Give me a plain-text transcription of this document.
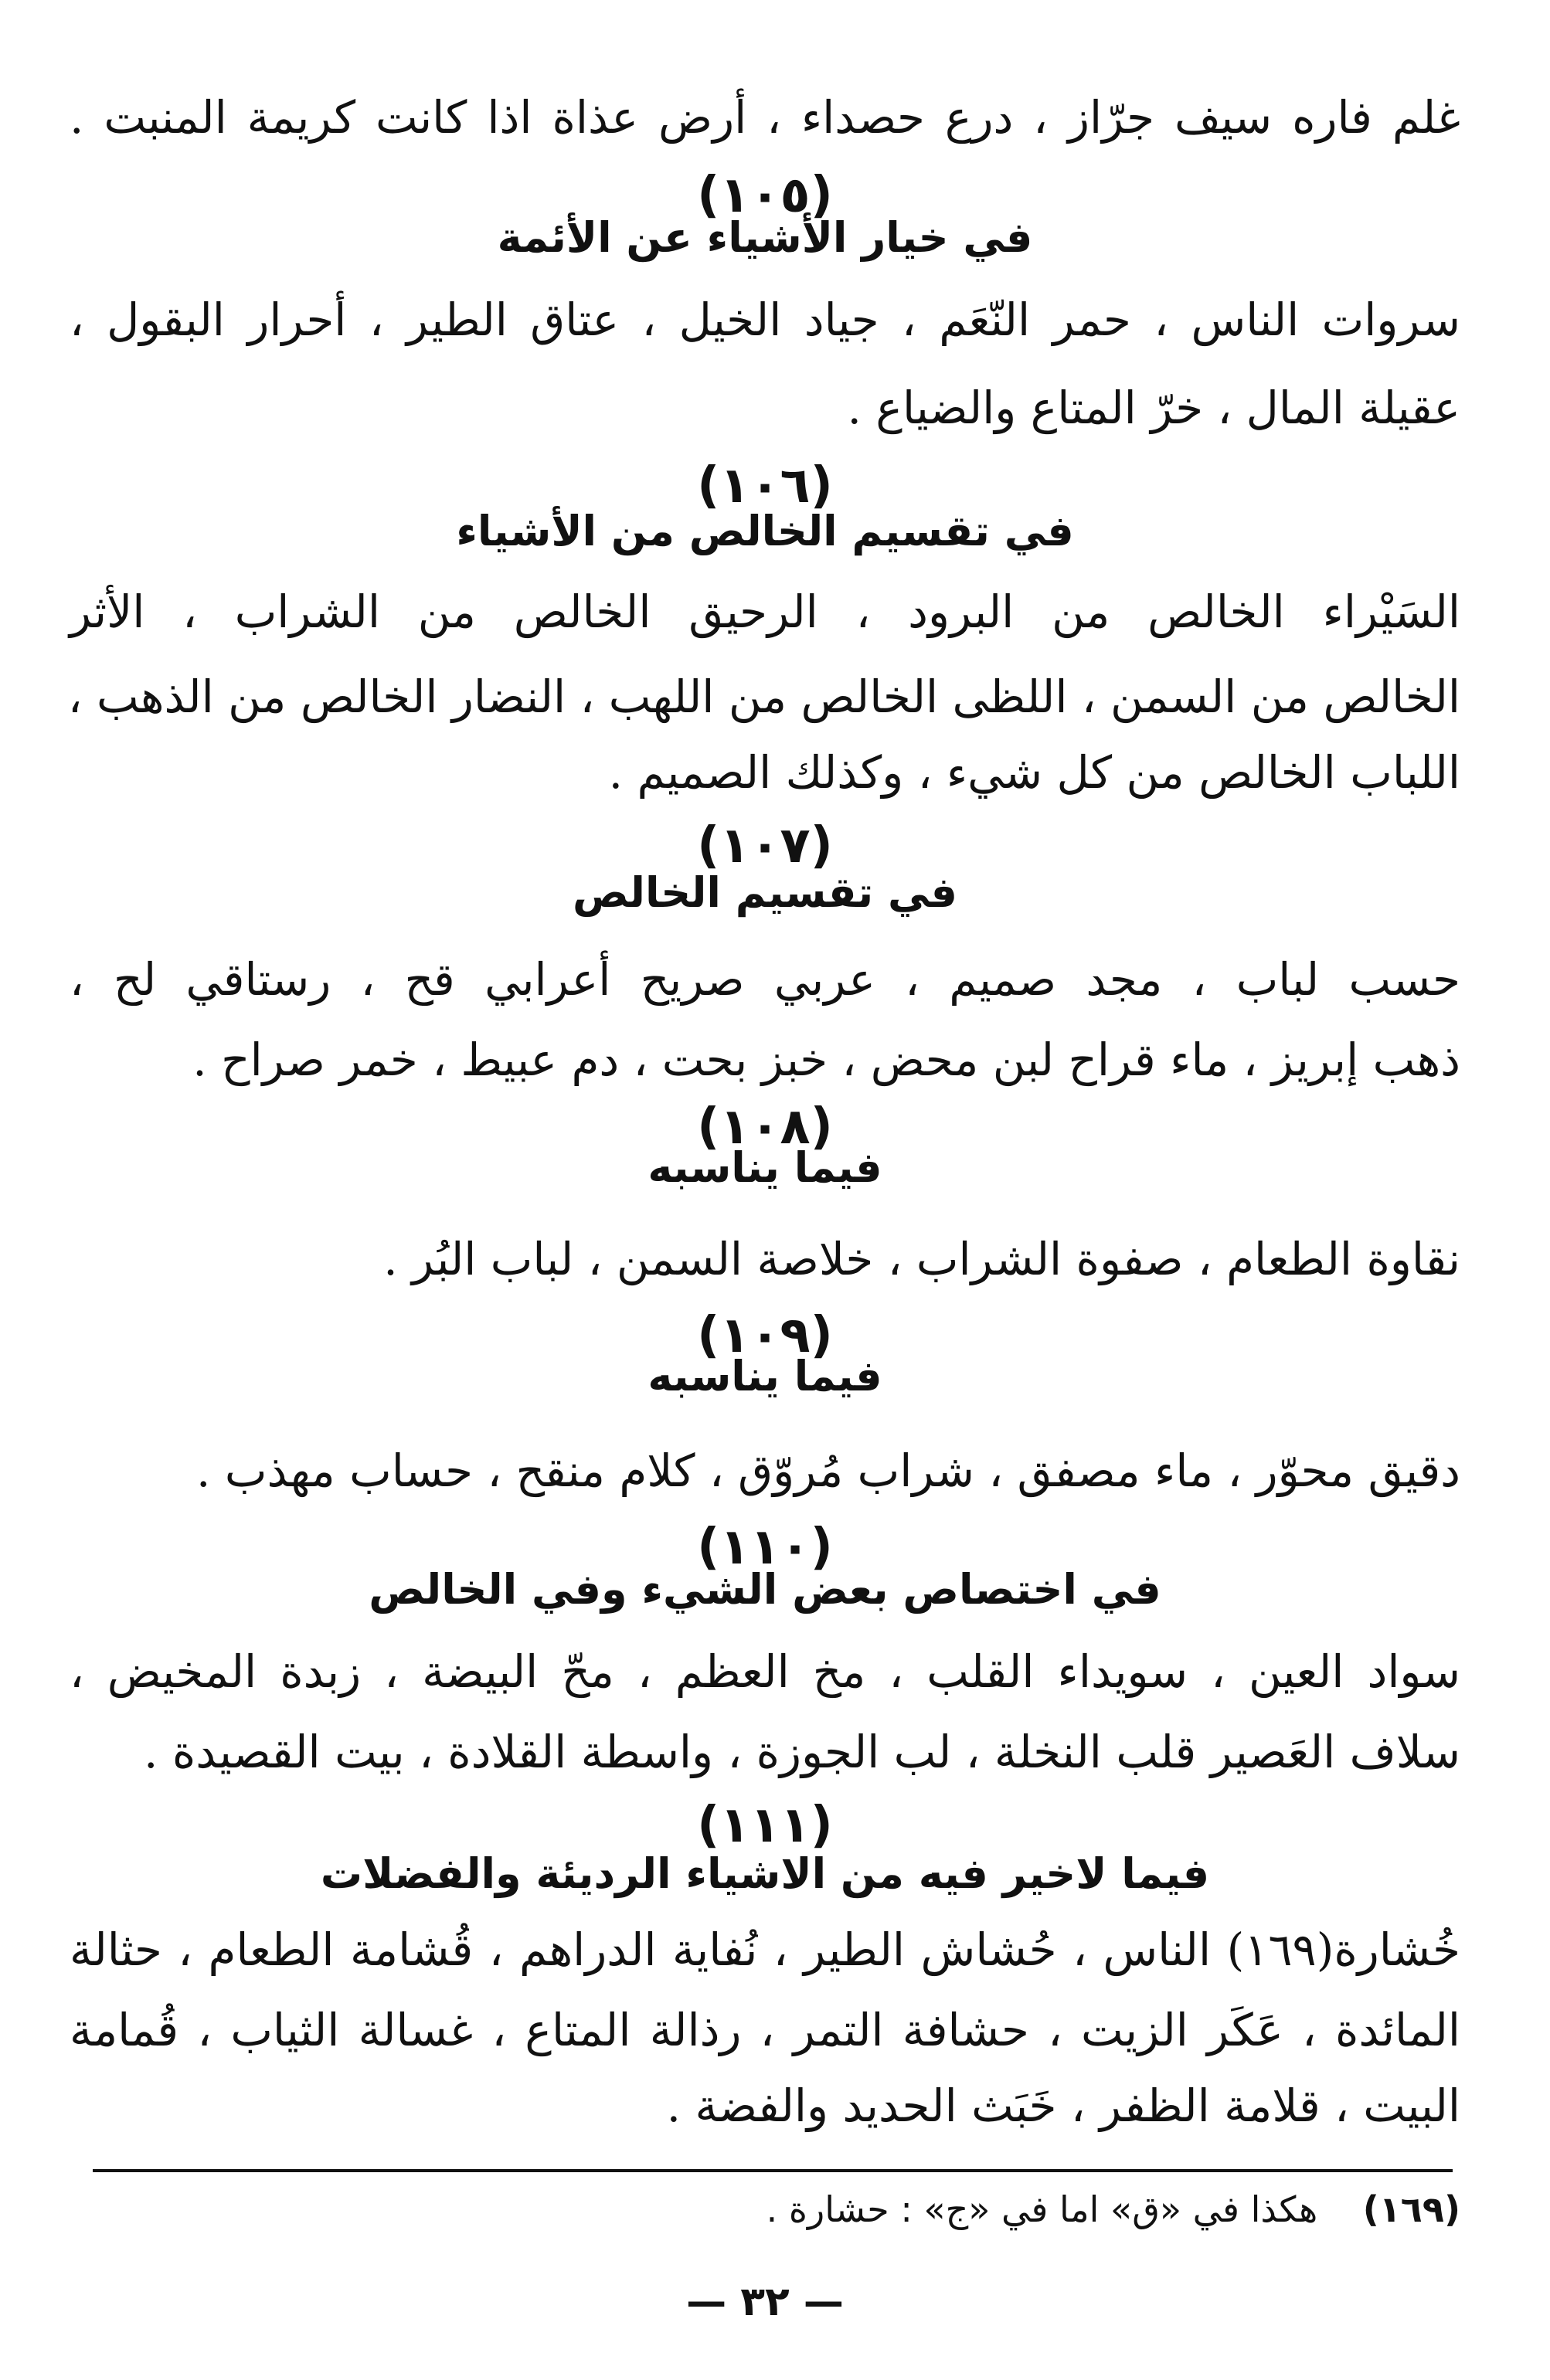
غلم فاره سيف جرّاز ، درع حصداء ، أرض عذاة اذا كانت كريمة المنبت .
(١٠٥)
في خيار الأشياء عن الأئمة
سروات الناس ، حمر النّعَم ، جياد الخيل ، عتاق الطير ، أحرار البقول ،
عقيلة المال ، خرّ المتاع والضياع .
(١٠٦)
في تقسيم الخالص من الأشياء
السَيْراء الخالص من البرود ، الرحيق الخالص من الشراب ، الأثر
الخالص من السمن ، اللظى الخالص من اللهب ، النضار الخالص من الذهب ،
اللباب الخالص من كل شيء ، وكذلك الصميم .
(١٠٧)
في تقسيم الخالص
حسب لباب ، مجد صميم ، عربي صريح أعرابي قح ، رستاقي لح ،
ذهب إبريز ، ماء قراح لبن محض ، خبز بحت ، دم عبيط ، خمر صراح .
(١٠٨)
فيما يناسبه
نقاوة الطعام ، صفوة الشراب ، خلاصة السمن ، لباب البُر .
(١٠٩)
فيما يناسبه
دقيق محوّر ، ماء مصفق ، شراب مُروّق ، كلام منقح ، حساب مهذب .
(١١٠)
في اختصاص بعض الشيء وفي الخالص
سواد العين ، سويداء القلب ، مخ العظم ، محّ البيضة ، زبدة المخيض ،
سلاف العَصير قلب النخلة ، لب الجوزة ، واسطة القلادة ، بيت القصيدة .
(١١١)
فيما لاخير فيه من الاشياء الرديئة والفضلات
خُشارة(١٦٩) الناس ، حُشاش الطير ، نُفاية الدراهم ، قُشامة الطعام ، حثالة
المائدة ، عَكَر الزيت ، حشافة التمر ، رذالة المتاع ، غسالة الثياب ، قُمامة
البيت ، قلامة الظفر ، خَبَث الحديد والفضة .
(١٦٩)    هكذا في «ق» اما في «ج» : حشارة .
— ٣٢ —
